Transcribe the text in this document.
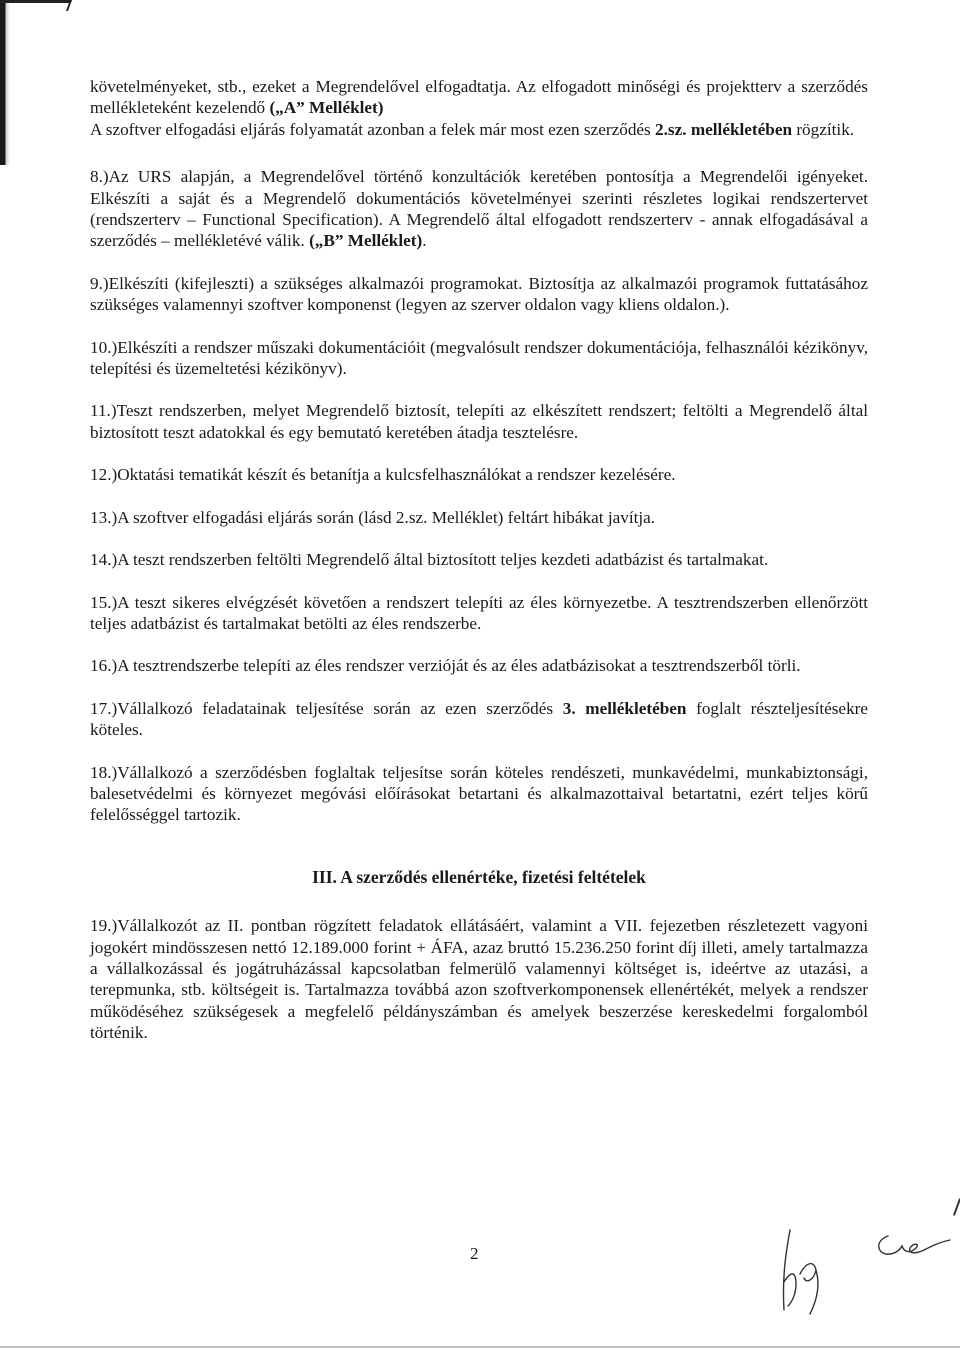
követelményeket, stb., ezeket a Megrendelővel elfogadtatja. Az elfogadott minőségi és projektterv a szerződés mellékleteként kezelendő („A” Melléklet)
A szoftver elfogadási eljárás folyamatát azonban a felek már most ezen szerződés 2.sz. mellékletében rögzítik.

8.)Az URS alapján, a Megrendelővel történő konzultációk keretében pontosítja a Megrendelői igényeket. Elkészíti a saját és a Megrendelő dokumentációs követelményei szerinti részletes logikai rendszertervet (rendszerterv – Functional Specification). A Megrendelő által elfogadott rendszerterv - annak elfogadásával a szerződés – mellékletévé válik. („B” Melléklet).

9.)Elkészíti (kifejleszti) a szükséges alkalmazói programokat. Biztosítja az alkalmazói programok futtatásához szükséges valamennyi szoftver komponenst (legyen az szerver oldalon vagy kliens oldalon.).

10.)Elkészíti a rendszer műszaki dokumentációit (megvalósult rendszer dokumentációja, felhasználói kézikönyv, telepítési és üzemeltetési kézikönyv).

11.)Teszt rendszerben, melyet Megrendelő biztosít, telepíti az elkészített rendszert; feltölti a Megrendelő által biztosított teszt adatokkal és egy bemutató keretében átadja tesztelésre.

12.)Oktatási tematikát készít és betanítja a kulcsfelhasználókat a rendszer kezelésére.

13.)A szoftver elfogadási eljárás során (lásd 2.sz. Melléklet) feltárt hibákat javítja.

14.)A teszt rendszerben feltölti Megrendelő által biztosított teljes kezdeti adatbázist és tartalmakat.

15.)A teszt sikeres elvégzését követően a rendszert telepíti az éles környezetbe. A tesztrendszerben ellenőrzött teljes adatbázist és tartalmakat betölti az éles rendszerbe.

16.)A tesztrendszerbe telepíti az éles rendszer verzióját és az éles adatbázisokat a tesztrendszerből törli.

17.)Vállalkozó feladatainak teljesítése során az ezen szerződés 3. mellékletében foglalt részteljesítésekre köteles.

18.)Vállalkozó a szerződésben foglaltak teljesítse során köteles rendészeti, munkavédelmi, munkabiztonsági, balesetvédelmi és környezet megóvási előírásokat betartani és alkalmazottaival betartatni, ezért teljes körű felelősséggel tartozik.

III. A szerződés ellenértéke, fizetési feltételek

19.)Vállalkozót az II. pontban rögzített feladatok ellátásáért, valamint a VII. fejezetben részletezett vagyoni jogokért mindösszesen nettó 12.189.000 forint + ÁFA, azaz bruttó 15.236.250 forint díj illeti, amely tartalmazza a vállalkozással és jogátruházással kapcsolatban felmerülő valamennyi költséget is, ideértve az utazási, a terepmunka, stb. költségeit is. Tartalmazza továbbá azon szoftverkomponensek ellenértékét, melyek a rendszer működéséhez szükségesek a megfelelő példányszámban és amelyek beszerzése kereskedelmi forgalomból történik.

2
